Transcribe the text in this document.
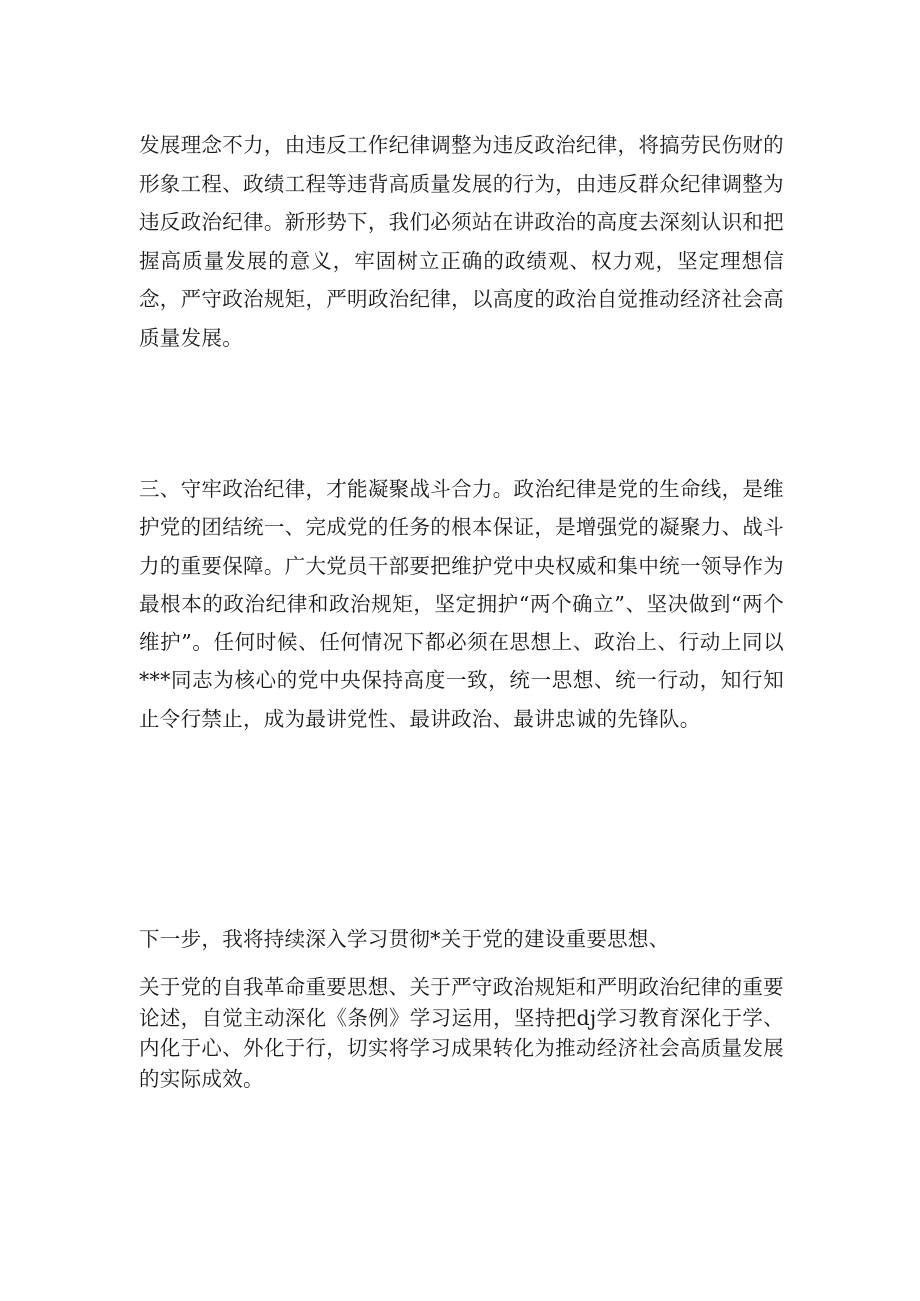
发展理念不力，由违反工作纪律调整为违反政治纪律，将搞劳民伤财的形象工程、政绩工程等违背高质量发展的行为，由违反群众纪律调整为违反政治纪律。新形势下，我们必须站在讲政治的高度去深刻认识和把握高质量发展的意义，牢固树立正确的政绩观、权力观，坚定理想信念，严守政治规矩，严明政治纪律，以高度的政治自觉推动经济社会高质量发展。

三、守牢政治纪律，才能凝聚战斗合力。政治纪律是党的生命线，是维护党的团结统一、完成党的任务的根本保证，是增强党的凝聚力、战斗力的重要保障。广大党员干部要把维护党中央权威和集中统一领导作为最根本的政治纪律和政治规矩，坚定拥护“两个确立”、坚决做到“两个维护”。任何时候、任何情况下都必须在思想上、政治上、行动上同以***同志为核心的党中央保持高度一致，统一思想、统一行动，知行知止令行禁止，成为最讲党性、最讲政治、最讲忠诚的先锋队。

下一步，我将持续深入学习贯彻*关于党的建设重要思想、

关于党的自我革命重要思想、关于严守政治规矩和严明政治纪律的重要论述，自觉主动深化《条例》学习运用，坚持把dj学习教育深化于学、内化于心、外化于行，切实将学习成果转化为推动经济社会高质量发展的实际成效。
